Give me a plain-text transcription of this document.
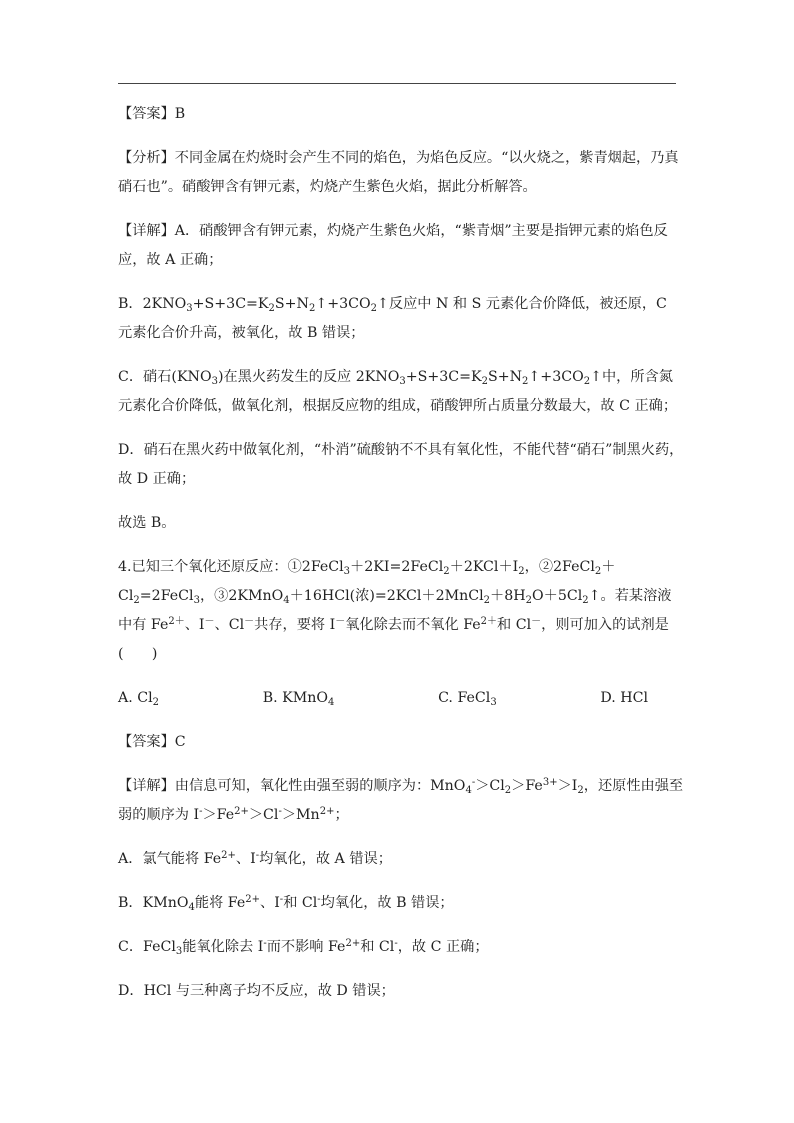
【答案】B

【分析】不同金属在灼烧时会产生不同的焰色，为焰色反应。“以火烧之，紫青烟起，乃真硝石也”。硝酸钾含有钾元素，灼烧产生紫色火焰，据此分析解答。

【详解】A．硝酸钾含有钾元素，灼烧产生紫色火焰，“紫青烟”主要是指钾元素的焰色反应，故 A 正确；

B．$2KNO_3+S+3C=K_2S+N_2↑+3CO_2↑$反应中 N 和 S 元素化合价降低，被还原，C 元素化合价升高，被氧化，故 B 错误；

C．硝石$(KNO_3)$在黑火药发生的反应 $2KNO_3+S+3C=K_2S+N_2↑+3CO_2↑$中，所含氮元素化合价降低，做氧化剂，根据反应物的组成，硝酸钾所占质量分数最大，故 C 正确；

D．硝石在黑火药中做氧化剂，“朴消”硫酸钠不不具有氧化性，不能代替“硝石”制黑火药，故 D 正确；

故选 B。

4.已知三个氧化还原反应：$①2FeCl_3+2KI=2FeCl_2+2KCl+I_2$，$②2FeCl_2+Cl_2=2FeCl_3$，③2KMnO$_4$＋16HCl(浓)$=2KCl+2MnCl_2+8H_2O+5Cl_2↑$。若某溶液中有 $Fe^{2+}$、I－、Cl－共存，要将 I－氧化除去而不氧化 $Fe^{2+}$和 Cl－，则可加入的试剂是(　　)

A. $Cl_2$	B. KMnO$_4$	C. FeCl$_3$	D. HCl

【答案】C

【详解】由信息可知，氧化性由强至弱的顺序为：$MnO_4^->Cl_2>Fe^{3+}>I_2$，还原性由强至弱的顺序为 $I^->Fe^{2+}>Cl^->Mn^{2+}$；

A．氯气能将 $Fe^{2+}$、I-均氧化，故 A 错误；

B．KMnO$_4$能将 $Fe^{2+}$、I-和 Cl-均氧化，故 B 错误；

C．FeCl$_3$能氧化除去 I-而不影响 $Fe^{2+}$和 Cl-，故 C 正确；

D．HCl 与三种离子均不反应，故 D 错误；
